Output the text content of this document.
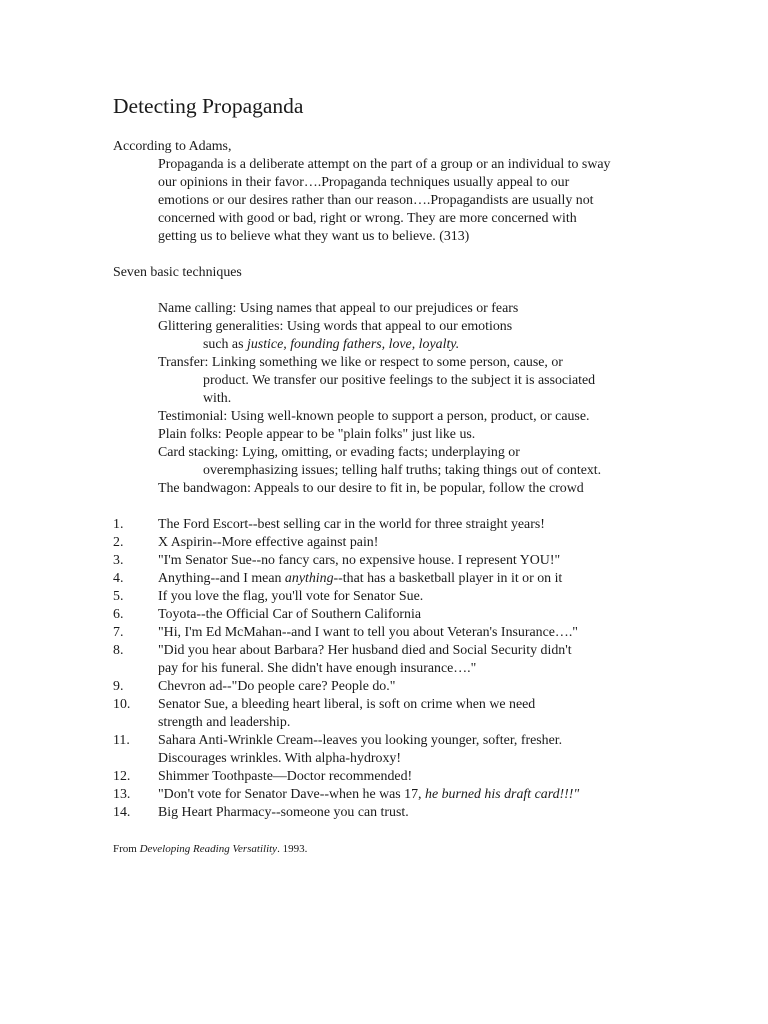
Detecting Propaganda
According to Adams,
Propaganda is a deliberate attempt on the part of a group or an individual to sway
our opinions in their favor….Propaganda techniques usually appeal to our
emotions or our desires rather than our reason….Propagandists are usually not
concerned with good or bad, right or wrong. They are more concerned with
getting us to believe what they want us to believe. (313)
Seven basic techniques
Name calling: Using names that appeal to our prejudices or fears
Glittering generalities: Using words that appeal to our emotions
such as justice, founding fathers, love, loyalty.
Transfer: Linking something we like or respect to some person, cause, or
product. We transfer our positive feelings to the subject it is associated
with.
Testimonial: Using well-known people to support a person, product, or cause.
Plain folks: People appear to be "plain folks" just like us.
Card stacking: Lying, omitting, or evading facts; underplaying or
overemphasizing issues; telling half truths; taking things out of context.
The bandwagon: Appeals to our desire to fit in, be popular, follow the crowd
1. The Ford Escort--best selling car in the world for three straight years!
2. X Aspirin--More effective against pain!
3. "I'm Senator Sue--no fancy cars, no expensive house. I represent YOU!"
4. Anything--and I mean anything--that has a basketball player in it or on it
5. If you love the flag, you'll vote for Senator Sue.
6. Toyota--the Official Car of Southern California
7. "Hi, I'm Ed McMahan--and I want to tell you about Veteran's Insurance…."
8. "Did you hear about Barbara? Her husband died and Social Security didn't
pay for his funeral. She didn't have enough insurance…."
9. Chevron ad--"Do people care? People do."
10. Senator Sue, a bleeding heart liberal, is soft on crime when we need
strength and leadership.
11. Sahara Anti-Wrinkle Cream--leaves you looking younger, softer, fresher.
Discourages wrinkles. With alpha-hydroxy!
12. Shimmer Toothpaste—Doctor recommended!
13. "Don't vote for Senator Dave--when he was 17, he burned his draft card!!!"
14. Big Heart Pharmacy--someone you can trust.
From Developing Reading Versatility. 1993.
